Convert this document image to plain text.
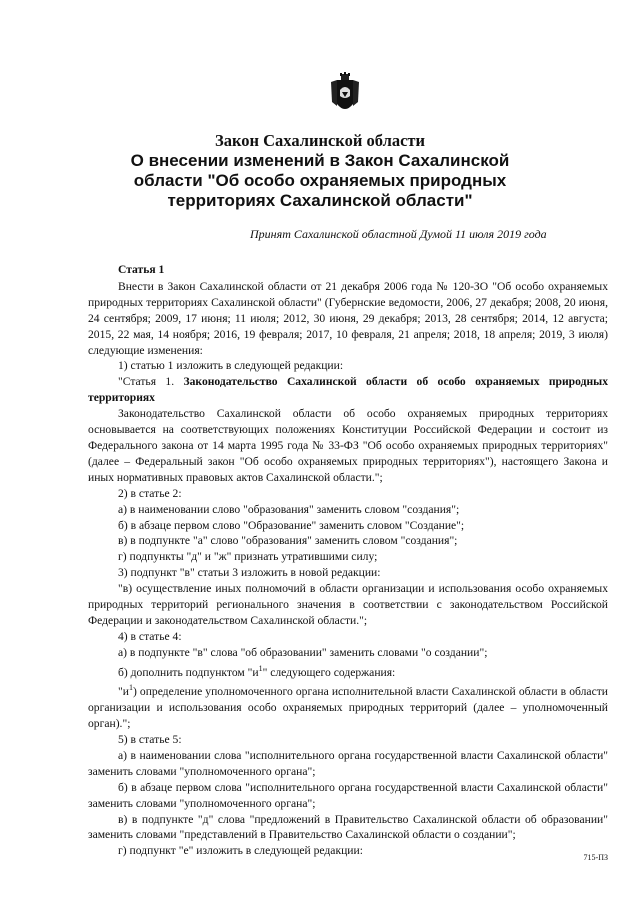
Закон Сахалинской области

О внесении изменений в Закон Сахалинской

области "Об особо охраняемых природных

территориях Сахалинской области"

Принят Сахалинской областной Думой 11 июля 2019 года

Статья 1

Внести в Закон Сахалинской области от 21 декабря 2006 года № 120-ЗО "Об особо охраняемых природных территориях Сахалинской области" (Губернские ведомости, 2006, 27 декабря; 2008, 20 июня, 24 сентября; 2009, 17 июня; 11 июля; 2012, 30 июня, 29 декабря; 2013, 28 сентября; 2014, 12 августа; 2015, 22 мая, 14 ноября; 2016, 19 февраля; 2017, 10 февраля, 21 апреля; 2018, 18 апреля; 2019, 3 июля) следующие изменения:

1) статью 1 изложить в следующей редакции:

"Статья 1. Законодательство Сахалинской области об особо охраняемых природных территориях

Законодательство Сахалинской области об особо охраняемых природных территориях основывается на соответствующих положениях Конституции Российской Федерации и состоит из Федерального закона от 14 марта 1995 года № 33-ФЗ "Об особо охраняемых природных территориях" (далее – Федеральный закон "Об особо охраняемых природных территориях"), настоящего Закона и иных нормативных правовых актов Сахалинской области.";

2) в статье 2:

а) в наименовании слово "образования" заменить словом "создания";

б) в абзаце первом слово "Образование" заменить словом "Создание";

в) в подпункте "а" слово "образования" заменить словом "создания";

г) подпункты "д" и "ж" признать утратившими силу;

3) подпункт "в" статьи 3 изложить в новой редакции:

"в) осуществление иных полномочий в области организации и использования особо охраняемых природных территорий регионального значения в соответствии с законодательством Российской Федерации и законодательством Сахалинской области.";

4) в статье 4:

а) в подпункте "в" слова "об образовании" заменить словами "о создании";

б) дополнить подпунктом "$и^1$" следующего содержания:

"$и^1$) определение уполномоченного органа исполнительной власти Сахалинской области в области организации и использования особо охраняемых природных территорий (далее – уполномоченный орган).";

5) в статье 5:

а) в наименовании слова "исполнительного органа государственной власти Сахалинской области" заменить словами "уполномоченного органа";

б) в абзаце первом слова "исполнительного органа государственной власти Сахалинской области" заменить словами "уполномоченного органа";

в) в подпункте "д" слова "предложений в Правительство Сахалинской области об образовании" заменить словами "представлений в Правительство Сахалинской области о создании";

г) подпункт "е" изложить в следующей редакции:

715-ПЗ
